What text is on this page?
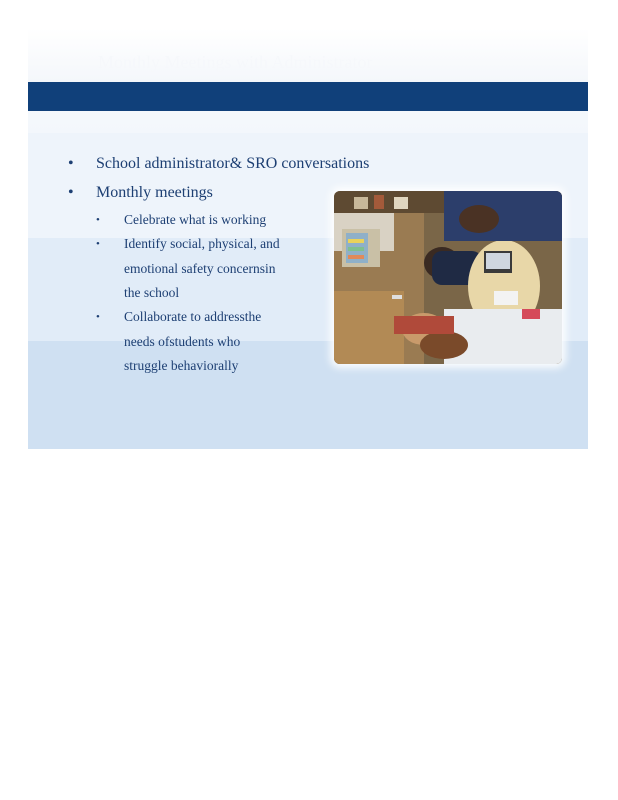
Monthly Meetings with Administrator
• School administrator& SRO conversations
• Monthly meetings
• Celebrate what is working
• Identify social, physical, and
emotional safety concernsin
the school
• Collaborate to addressthe
needs ofstudents who
struggle behaviorally
